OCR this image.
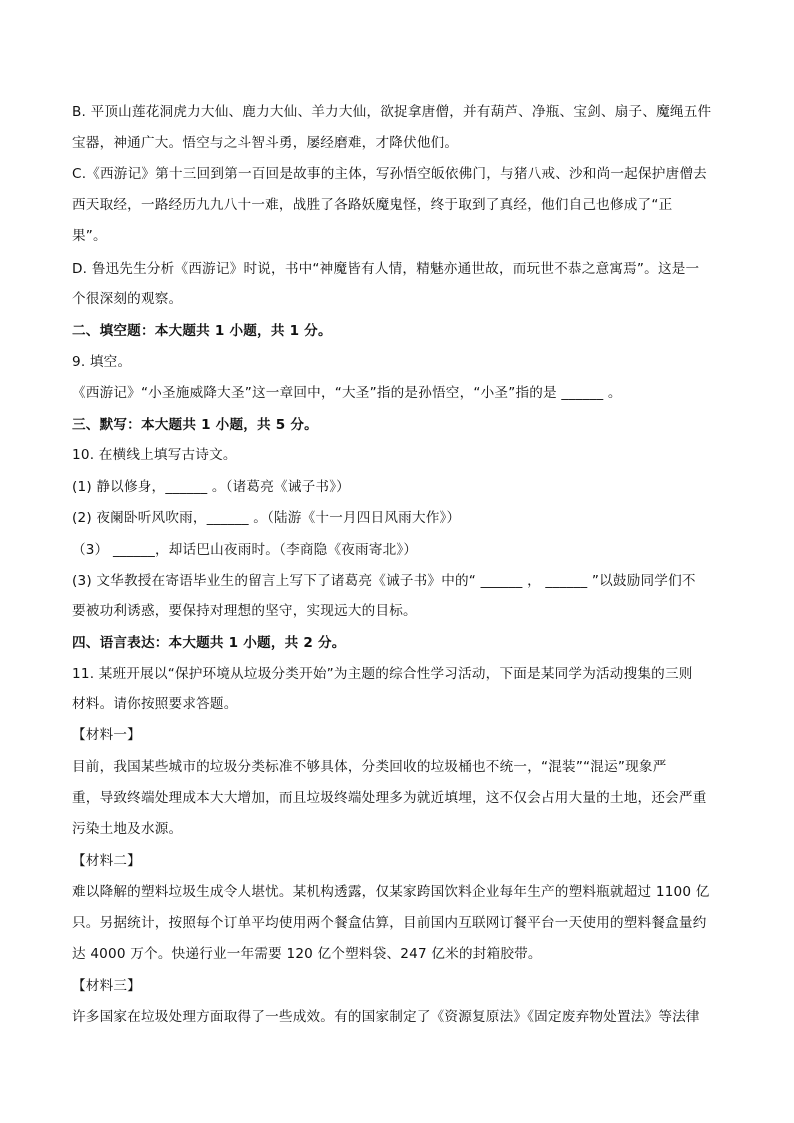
B. 平顶山莲花洞虎力大仙、鹿力大仙、羊力大仙，欲捉拿唐僧，并有葫芦、净瓶、宝剑、扇子、魔绳五件
宝器，神通广大。悟空与之斗智斗勇，屡经磨难，才降伏他们。
C.《西游记》第十三回到第一百回是故事的主体，写孙悟空皈依佛门，与猪八戒、沙和尚一起保护唐僧去
西天取经，一路经历九九八十一难，战胜了各路妖魔鬼怪，终于取到了真经，他们自己也修成了“正
果”。
D. 鲁迅先生分析《西游记》时说，书中“神魔皆有人情，精魅亦通世故，而玩世不恭之意寓焉”。这是一
个很深刻的观察。
二、填空题：本大题共 1 小题，共 1 分。
9. 填空。
《西游记》“小圣施威降大圣”这一章回中，“大圣”指的是孙悟空，“小圣”指的是 ______ 。
三、默写：本大题共 1 小题，共 5 分。
10. 在横线上填写古诗文。
(1) 静以修身，______ 。（诸葛亮《诫子书》）
(2) 夜阑卧听风吹雨，______ 。（陆游《十一月四日风雨大作》）
（3） ______，却话巴山夜雨时。（李商隐《夜雨寄北》）
(3) 文华教授在寄语毕业生的留言上写下了诸葛亮《诫子书》中的“ ______ ， ______ ”以鼓励同学们不
要被功利诱惑，要保持对理想的坚守，实现远大的目标。
四、语言表达：本大题共 1 小题，共 2 分。
11. 某班开展以“保护环境从垃圾分类开始”为主题的综合性学习活动，下面是某同学为活动搜集的三则
材料。请你按照要求答题。
【材料一】
目前，我国某些城市的垃圾分类标准不够具体，分类回收的垃圾桶也不统一，“混装”“混运”现象严
重，导致终端处理成本大大增加，而且垃圾终端处理多为就近填埋，这不仅会占用大量的土地，还会严重
污染土地及水源。
【材料二】
难以降解的塑料垃圾生成令人堪忧。某机构透露，仅某家跨国饮料企业每年生产的塑料瓶就超过 1100 亿
只。另据统计，按照每个订单平均使用两个餐盒估算，目前国内互联网订餐平台一天使用的塑料餐盒量约
达 4000 万个。快递行业一年需要 120 亿个塑料袋、247 亿米的封箱胶带。
【材料三】
许多国家在垃圾处理方面取得了一些成效。有的国家制定了《资源复原法》《固定废弃物处置法》等法律
